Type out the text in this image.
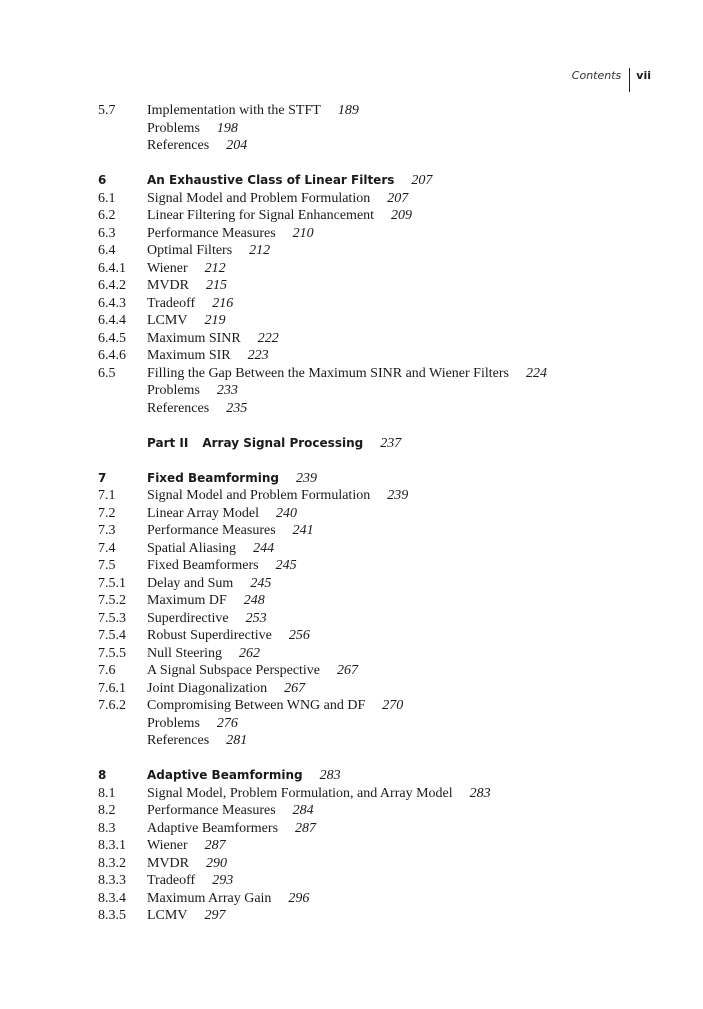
Contents	vii
5.7	Implementation with the STFT 189
Problems 198
References 204
6	An Exhaustive Class of Linear Filters 207
6.1	Signal Model and Problem Formulation 207
6.2	Linear Filtering for Signal Enhancement 209
6.3	Performance Measures 210
6.4	Optimal Filters 212
6.4.1	Wiener 212
6.4.2	MVDR 215
6.4.3	Tradeoff 216
6.4.4	LCMV 219
6.4.5	Maximum SINR 222
6.4.6	Maximum SIR 223
6.5	Filling the Gap Between the Maximum SINR and Wiener Filters 224
Problems 233
References 235
Part II Array Signal Processing 237
7	Fixed Beamforming 239
7.1	Signal Model and Problem Formulation 239
7.2	Linear Array Model 240
7.3	Performance Measures 241
7.4	Spatial Aliasing 244
7.5	Fixed Beamformers 245
7.5.1	Delay and Sum 245
7.5.2	Maximum DF 248
7.5.3	Superdirective 253
7.5.4	Robust Superdirective 256
7.5.5	Null Steering 262
7.6	A Signal Subspace Perspective 267
7.6.1	Joint Diagonalization 267
7.6.2	Compromising Between WNG and DF 270
Problems 276
References 281
8	Adaptive Beamforming 283
8.1	Signal Model, Problem Formulation, and Array Model 283
8.2	Performance Measures 284
8.3	Adaptive Beamformers 287
8.3.1	Wiener 287
8.3.2	MVDR 290
8.3.3	Tradeoff 293
8.3.4	Maximum Array Gain 296
8.3.5	LCMV 297
